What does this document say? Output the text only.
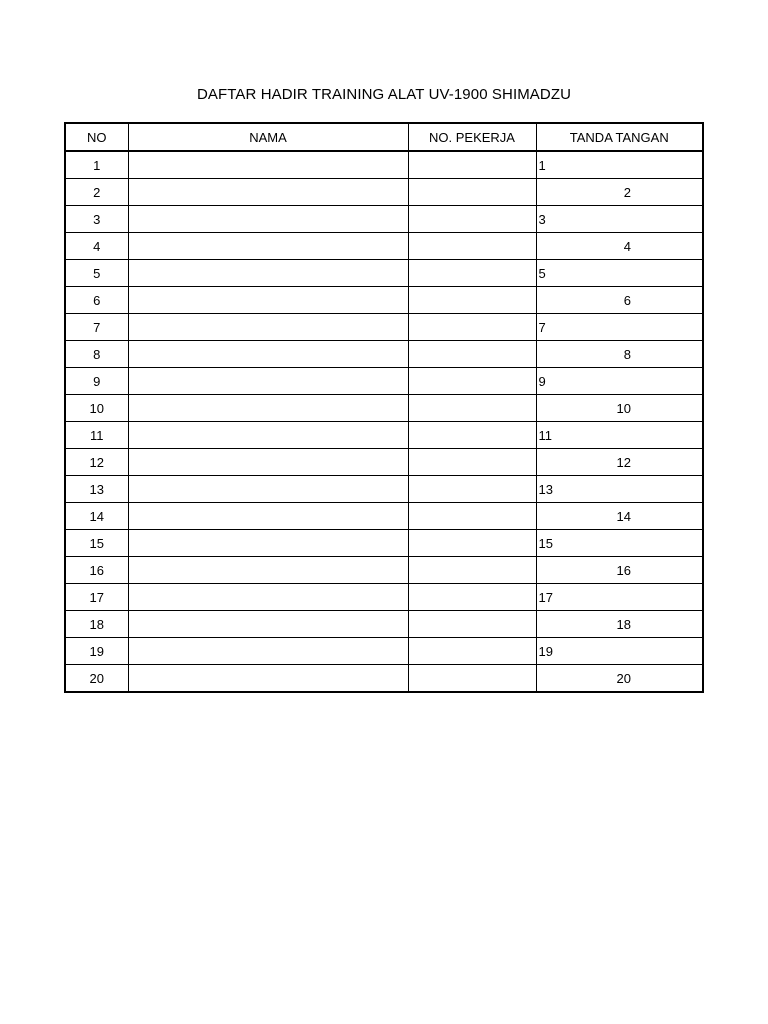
DAFTAR HADIR TRAINING ALAT UV-1900 SHIMADZU
NO	NAMA	NO. PEKERJA	TANDA TANGAN
1			1
2			2
3			3
4			4
5			5
6			6
7			7
8			8
9			9
10			10
11			11
12			12
13			13
14			14
15			15
16			16
17			17
18			18
19			19
20			20
